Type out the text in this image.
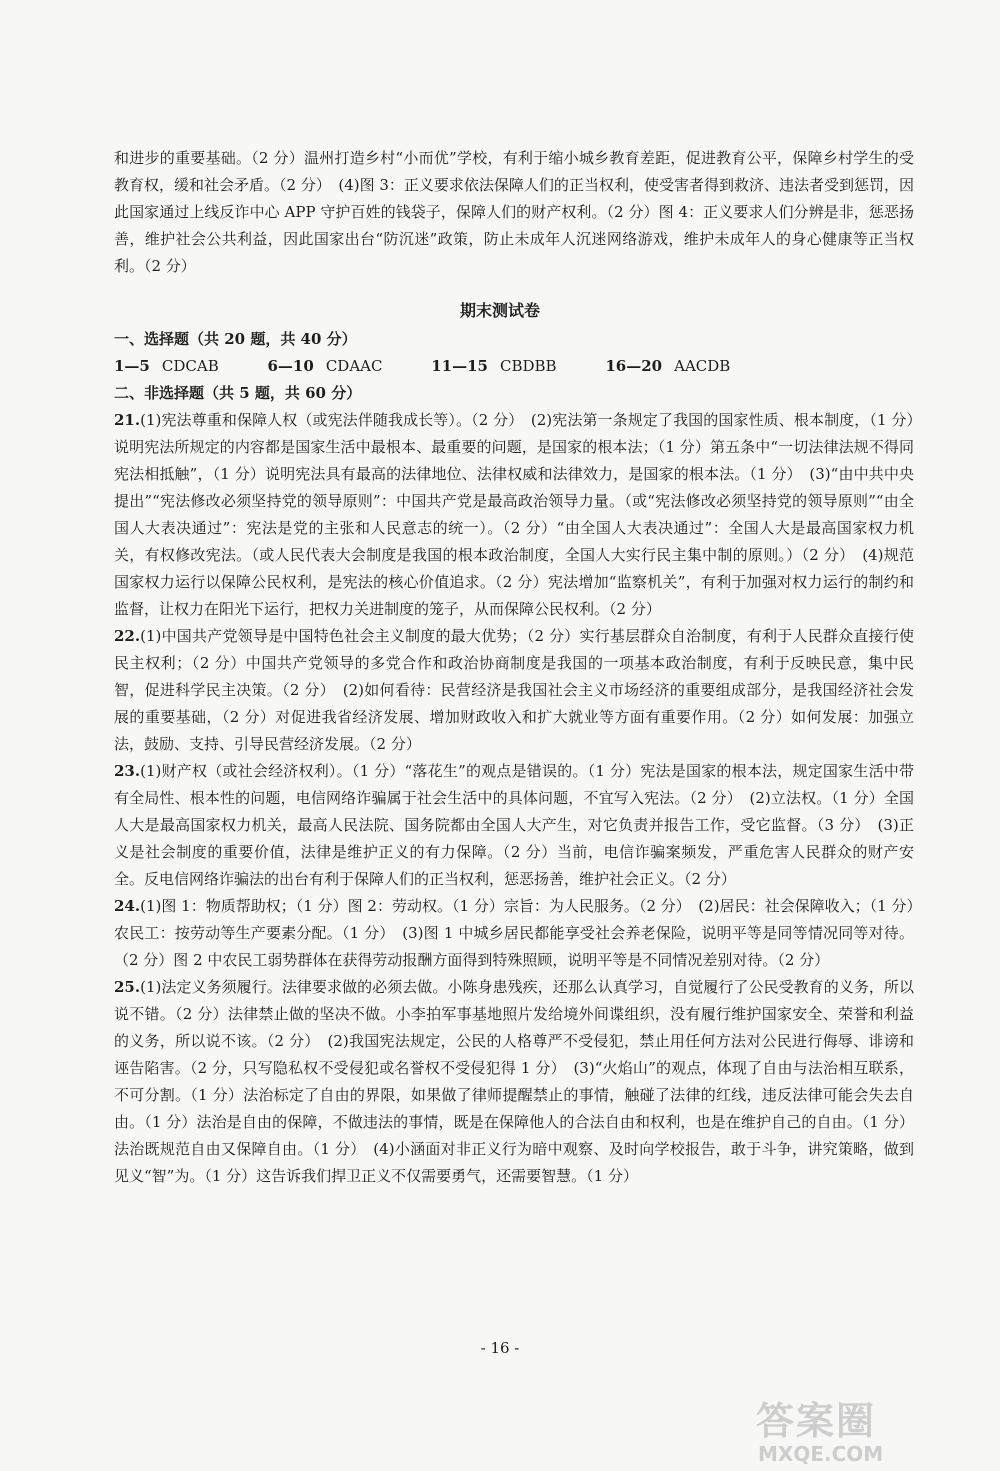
和进步的重要基础。（2 分）温州打造乡村“小而优”学校，有利于缩小城乡教育差距，促进教育公平，保障乡村学生的受教育权，缓和社会矛盾。（2 分）　(4)图 3：正义要求依法保障人们的正当权利，使受害者得到救济、违法者受到惩罚，因此国家通过上线反诈中心 APP 守护百姓的钱袋子，保障人们的财产权利。（2 分）图 4：正义要求人们分辨是非，惩恶扬善，维护社会公共利益，因此国家出台“防沉迷”政策，防止未成年人沉迷网络游戏，维护未成年人的身心健康等正当权利。（2 分）

期末测试卷

一、选择题（共 20 题，共 40 分）

1—5 CDCAB	6—10 CDAAC	11—15 CBDBB	16—20 AACDB

二、非选择题（共 5 题，共 60 分）

21.(1)宪法尊重和保障人权（或宪法伴随我成长等）。（2 分）　(2)宪法第一条规定了我国的国家性质、根本制度，（1 分）说明宪法所规定的内容都是国家生活中最根本、最重要的问题，是国家的根本法；（1 分）第五条中“一切法律法规不得同宪法相抵触”，（1 分）说明宪法具有最高的法律地位、法律权威和法律效力，是国家的根本法。（1 分）　(3)“由中共中央提出”“宪法修改必须坚持党的领导原则”：中国共产党是最高政治领导力量。（或“宪法修改必须坚持党的领导原则”“由全国人大表决通过”：宪法是党的主张和人民意志的统一）。（2 分）“由全国人大表决通过”：全国人大是最高国家权力机关，有权修改宪法。（或人民代表大会制度是我国的根本政治制度，全国人大实行民主集中制的原则。）（2 分）　(4)规范国家权力运行以保障公民权利，是宪法的核心价值追求。（2 分）宪法增加“监察机关”，有利于加强对权力运行的制约和监督，让权力在阳光下运行，把权力关进制度的笼子，从而保障公民权利。（2 分）

22.(1)中国共产党领导是中国特色社会主义制度的最大优势；（2 分）实行基层群众自治制度，有利于人民群众直接行使民主权利；（2 分）中国共产党领导的多党合作和政治协商制度是我国的一项基本政治制度，有利于反映民意，集中民智，促进科学民主决策。（2 分）　(2)如何看待：民营经济是我国社会主义市场经济的重要组成部分，是我国经济社会发展的重要基础，（2 分）对促进我省经济发展、增加财政收入和扩大就业等方面有重要作用。（2 分）如何发展：加强立法，鼓励、支持、引导民营经济发展。（2 分）

23.(1)财产权（或社会经济权利）。（1 分）“落花生”的观点是错误的。（1 分）宪法是国家的根本法，规定国家生活中带有全局性、根本性的问题，电信网络诈骗属于社会生活中的具体问题，不宜写入宪法。（2 分）　(2)立法权。（1 分）全国人大是最高国家权力机关，最高人民法院、国务院都由全国人大产生，对它负责并报告工作，受它监督。（3 分）　(3)正义是社会制度的重要价值，法律是维护正义的有力保障。（2 分）当前，电信诈骗案频发，严重危害人民群众的财产安全。反电信网络诈骗法的出台有利于保障人们的正当权利，惩恶扬善，维护社会正义。（2 分）

24.(1)图 1：物质帮助权；（1 分）图 2：劳动权。（1 分）宗旨：为人民服务。（2 分）　(2)居民：社会保障收入；（1 分）农民工：按劳动等生产要素分配。（1 分）　(3)图 1 中城乡居民都能享受社会养老保险，说明平等是同等情况同等对待。（2 分）图 2 中农民工弱势群体在获得劳动报酬方面得到特殊照顾，说明平等是不同情况差别对待。（2 分）

25.(1)法定义务须履行。法律要求做的必须去做。小陈身患残疾，还那么认真学习，自觉履行了公民受教育的义务，所以说不错。（2 分）法律禁止做的坚决不做。小李拍军事基地照片发给境外间谍组织，没有履行维护国家安全、荣誉和利益的义务，所以说不该。（2 分）　(2)我国宪法规定，公民的人格尊严不受侵犯，禁止用任何方法对公民进行侮辱、诽谤和诬告陷害。（2 分，只写隐私权不受侵犯或名誉权不受侵犯得 1 分）　(3)“火焰山”的观点，体现了自由与法治相互联系，不可分割。（1 分）法治标定了自由的界限，如果做了律师提醒禁止的事情，触碰了法律的红线，违反法律可能会失去自由。（1 分）法治是自由的保障，不做违法的事情，既是在保障他人的合法自由和权利，也是在维护自己的自由。（1 分）法治既规范自由又保障自由。（1 分）　(4)小涵面对非正义行为暗中观察、及时向学校报告，敢于斗争，讲究策略，做到见义“智”为。（1 分）这告诉我们捍卫正义不仅需要勇气，还需要智慧。（1 分）

- 16 -

答案圈
MXQE.COM
